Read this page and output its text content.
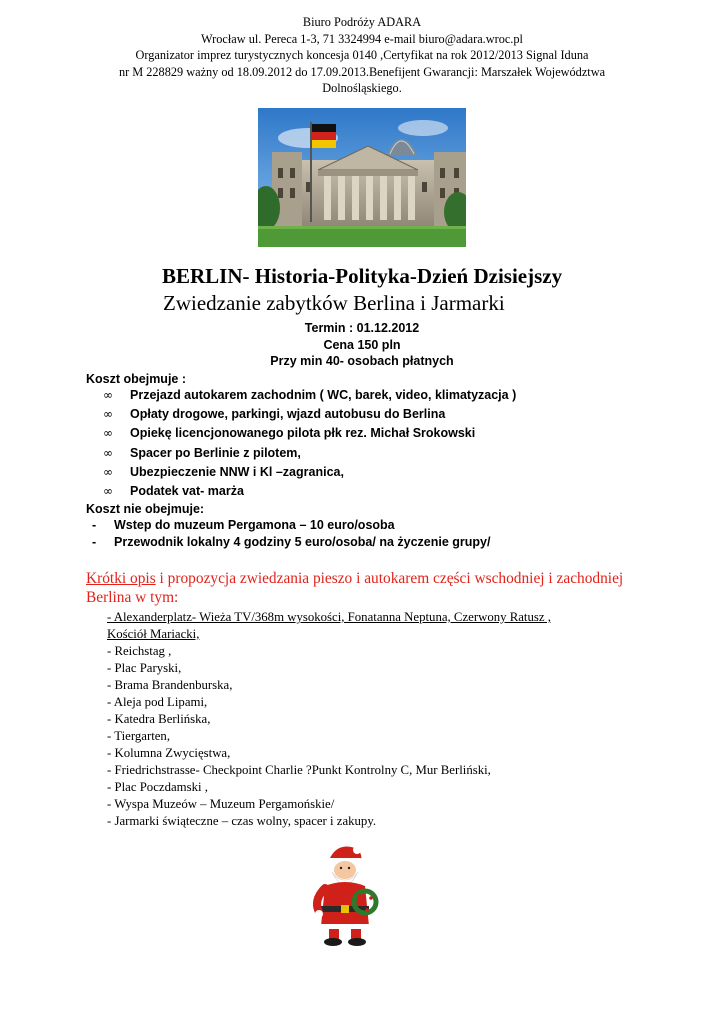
Biuro Podróży ADARA
Wrocław ul. Pereca 1-3, 71 3324994 e-mail biuro@adara.wroc.pl
Organizator imprez turystycznych koncesja 0140 ,Certyfikat na rok 2012/2013 Signal Iduna
nr M 228829 ważny od 18.09.2012 do 17.09.2013.Benefijent Gwarancji: Marszałek Województwa
Dolnośląskiego.
BERLIN- Historia-Polityka-Dzień Dzisiejszy
Zwiedzanie zabytków Berlina i Jarmarki
Termin : 01.12.2012
Cena 150 pln
Przy min 40- osobach płatnych
Koszt obejmuje :
∞ Przejazd autokarem zachodnim ( WC, barek, video, klimatyzacja )
∞ Opłaty drogowe, parkingi, wjazd autobusu do Berlina
∞ Opiekę licencjonowanego pilota płk rez. Michał Srokowski
∞ Spacer po Berlinie z pilotem,
∞ Ubezpieczenie NNW i Kl –zagranica,
∞ Podatek vat- marża
Koszt nie obejmuje:
- Wstep do muzeum Pergamona – 10 euro/osoba
- Przewodnik lokalny 4 godziny 5 euro/osoba/ na życzenie grupy/
Krótki opis i propozycja zwiedzania pieszo i autokarem części wschodniej i zachodniej Berlina w tym:
- Alexanderplatz- Wieża TV/368m wysokości, Fonatanna Neptuna, Czerwony Ratusz ,
Kościół Mariacki,
- Reichstag ,
- Plac Paryski,
- Brama Brandenburska,
- Aleja pod Lipami,
- Katedra Berlińska,
- Tiergarten,
- Kolumna Zwycięstwa,
- Friedrichstrasse- Checkpoint Charlie ?Punkt Kontrolny C, Mur Berliński,
- Plac Poczdamski ,
- Wyspa Muzeów – Muzeum Pergamońskie/
- Jarmarki świąteczne – czas wolny, spacer i zakupy.
